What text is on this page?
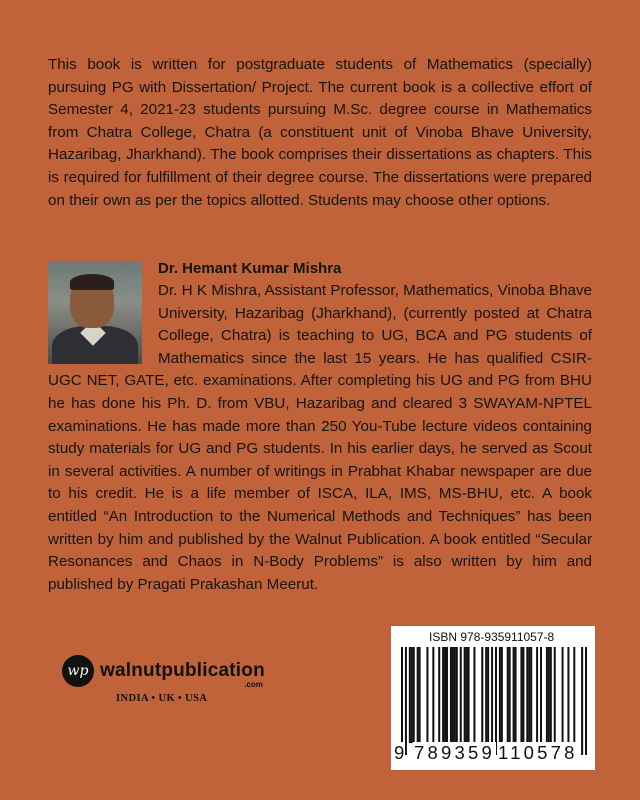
This book is written for postgraduate students of Mathematics (specially) pursuing PG with Dissertation/ Project. The current book is a collective effort of Semester 4, 2021-23 students pursuing M.Sc. degree course in Mathematics from Chatra College, Chatra (a constituent unit of Vinoba Bhave University, Hazaribag, Jharkhand). The book comprises their dissertations as chapters. This is required for fulfillment of their degree course. The dissertations were prepared on their own as per the topics allotted. Students may choose other options.

Dr. Hemant Kumar Mishra

Dr. H K Mishra, Assistant Professor, Mathematics, Vinoba Bhave University, Hazaribag (Jharkhand), (currently posted at Chatra College, Chatra) is teaching to UG, BCA and PG students of Mathematics since the last 15 years. He has qualified CSIR-UGC NET, GATE, etc. examinations. After completing his UG and PG from BHU he has done his Ph. D. from VBU, Hazaribag and cleared 3 SWAYAM-NPTEL examinations. He has made more than 250 You-Tube lecture videos containing study materials for UG and PG students. In his earlier days, he served as Scout in several activities. A number of writings in Prabhat Khabar newspaper are due to his credit. He is a life member of ISCA, ILA, IMS, MS-BHU, etc. A book entitled “An Introduction to the Numerical Methods and Techniques” has been written by him and published by the Walnut Publication. A book entitled “Secular Resonances and Chaos in N-Body Problems” is also written by him and published by Pragati Prakashan Meerut.

wp walnutpublication
.com
INDIA • UK • USA
ISBN 978-935911057-8
9 789359 110578
